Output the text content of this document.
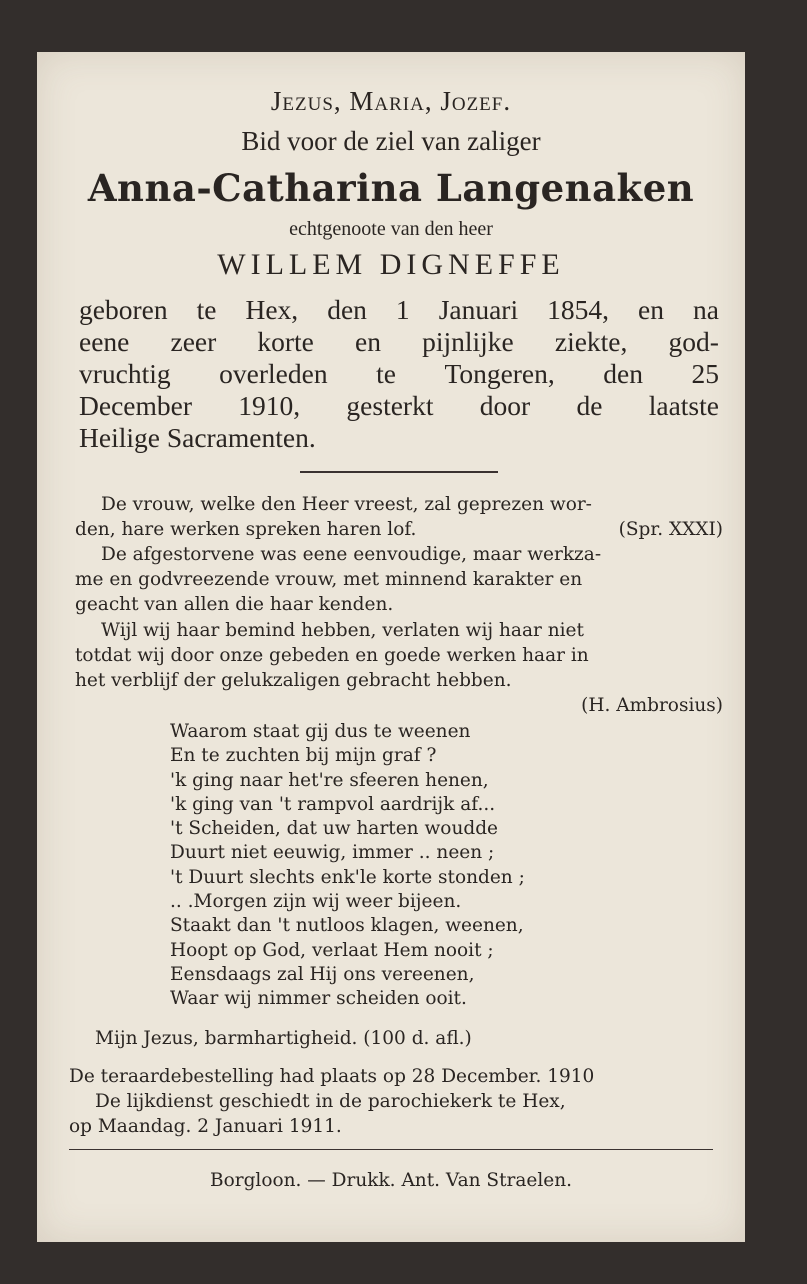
Jezus, Maria, Jozef.
Bid voor de ziel van zaliger
Anna-Catharina Langenaken
echtgenoote van den heer
WILLEM DIGNEFFE
geboren te Hex, den 1 Januari 1854, en na
eene zeer korte en pijnlijke ziekte, god-
vruchtig overleden te Tongeren, den 25
December 1910, gesterkt door de laatste
Heilige Sacramenten.
De vrouw, welke den Heer vreest, zal geprezen wor-
den, hare werken spreken haren lof.	(Spr. XXXI)
De afgestorvene was eene eenvoudige, maar werkza-
me en godvreezende vrouw, met minnend karakter en
geacht van allen die haar kenden.
Wijl wij haar bemind hebben, verlaten wij haar niet
totdat wij door onze gebeden en goede werken haar in
het verblijf der gelukzaligen gebracht hebben.
(H. Ambrosius)
Waarom staat gij dus te weenen
En te zuchten bij mijn graf ?
'k ging naar het're sfeeren henen,
'k ging van 't rampvol aardrijk af...
't Scheiden, dat uw harten woudde
Duurt niet eeuwig, immer .. neen ;
't Duurt slechts enk'le korte stonden ;
.. .Morgen zijn wij weer bijeen.
Staakt dan 't nutloos klagen, weenen,
Hoopt op God, verlaat Hem nooit ;
Eensdaags zal Hij ons vereenen,
Waar wij nimmer scheiden ooit.
Mijn Jezus, barmhartigheid. (100 d. afl.)
De teraardebestelling had plaats op 28 December. 1910
De lijkdienst geschiedt in de parochiekerk te Hex,
op Maandag. 2 Januari 1911.
Borgloon. — Drukk. Ant. Van Straelen.
